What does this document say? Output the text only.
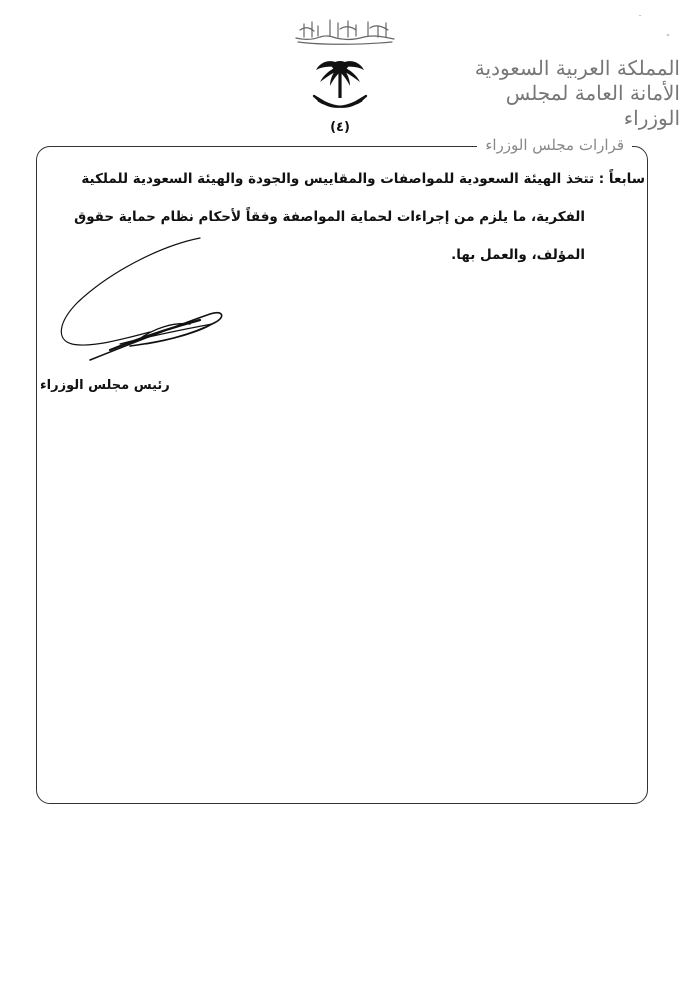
(٤)
المملكة العربية السعودية
الأمانة العامة لمجلس الوزراء
قرارات مجلس الوزراء
سابعاً : تتخذ الهيئة السعودية للمواصفات والمقاييس والجودة والهيئة السعودية للملكية
الفكرية، ما يلزم من إجراءات لحماية المواصفة وفقاً لأحكام نظام حماية حقوق
المؤلف، والعمل بها.
رئيس مجلس الوزراء
